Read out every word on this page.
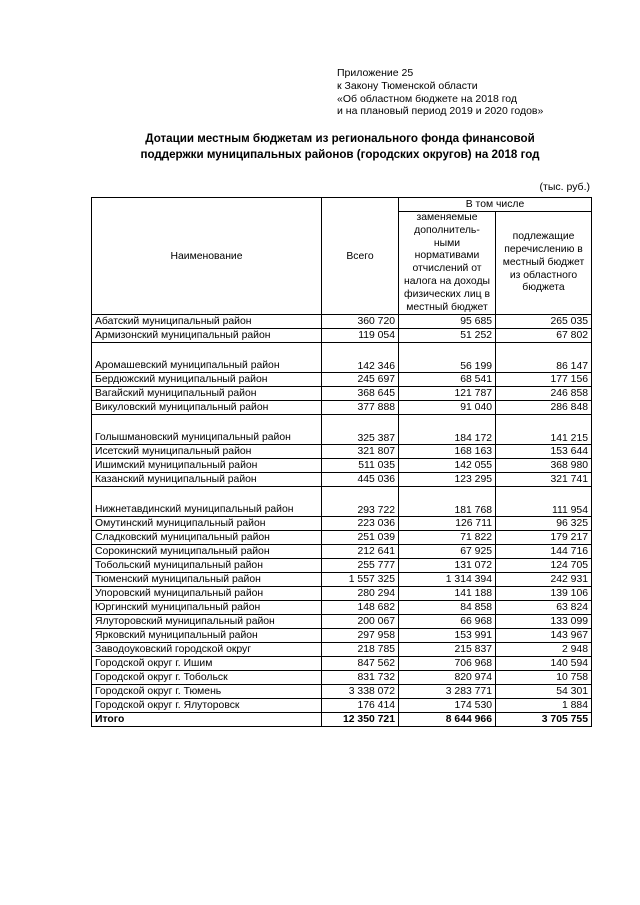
Приложение 25
к Закону Тюменской области
«Об областном бюджете на 2018 год
и на плановый период 2019 и 2020 годов»
Дотации местным бюджетам из регионального фонда финансовой
поддержки муниципальных районов (городских округов) на 2018 год
(тыс. руб.)
Наименование	Всего	В том числе	
		заменяемые дополнитель-ными нормативами отчислений от налога на доходы физических лиц в местный бюджет	подлежащие перечислению в местный бюджет из областного бюджета
Абатский муниципальный район	360 720	95 685	265 035
Армизонский муниципальный район	119 054	51 252	67 802
Аромашевский муниципальный район	142 346	56 199	86 147
Бердюжский муниципальный район	245 697	68 541	177 156
Вагайский муниципальный район	368 645	121 787	246 858
Викуловский муниципальный район	377 888	91 040	286 848
Голышмановский муниципальный район	325 387	184 172	141 215
Исетский муниципальный район	321 807	168 163	153 644
Ишимский муниципальный район	511 035	142 055	368 980
Казанский муниципальный район	445 036	123 295	321 741
Нижнетавдинский муниципальный район	293 722	181 768	111 954
Омутинский муниципальный район	223 036	126 711	96 325
Сладковский муниципальный район	251 039	71 822	179 217
Сорокинский муниципальный район	212 641	67 925	144 716
Тобольский муниципальный район	255 777	131 072	124 705
Тюменский муниципальный район	1 557 325	1 314 394	242 931
Упоровский муниципальный район	280 294	141 188	139 106
Юргинский муниципальный район	148 682	84 858	63 824
Ялуторовский муниципальный район	200 067	66 968	133 099
Ярковский муниципальный район	297 958	153 991	143 967
Заводоуковский городской округ	218 785	215 837	2 948
Городской округ г. Ишим	847 562	706 968	140 594
Городской округ г. Тобольск	831 732	820 974	10 758
Городской округ г. Тюмень	3 338 072	3 283 771	54 301
Городской округ г. Ялуторовск	176 414	174 530	1 884
Итого	12 350 721	8 644 966	3 705 755
